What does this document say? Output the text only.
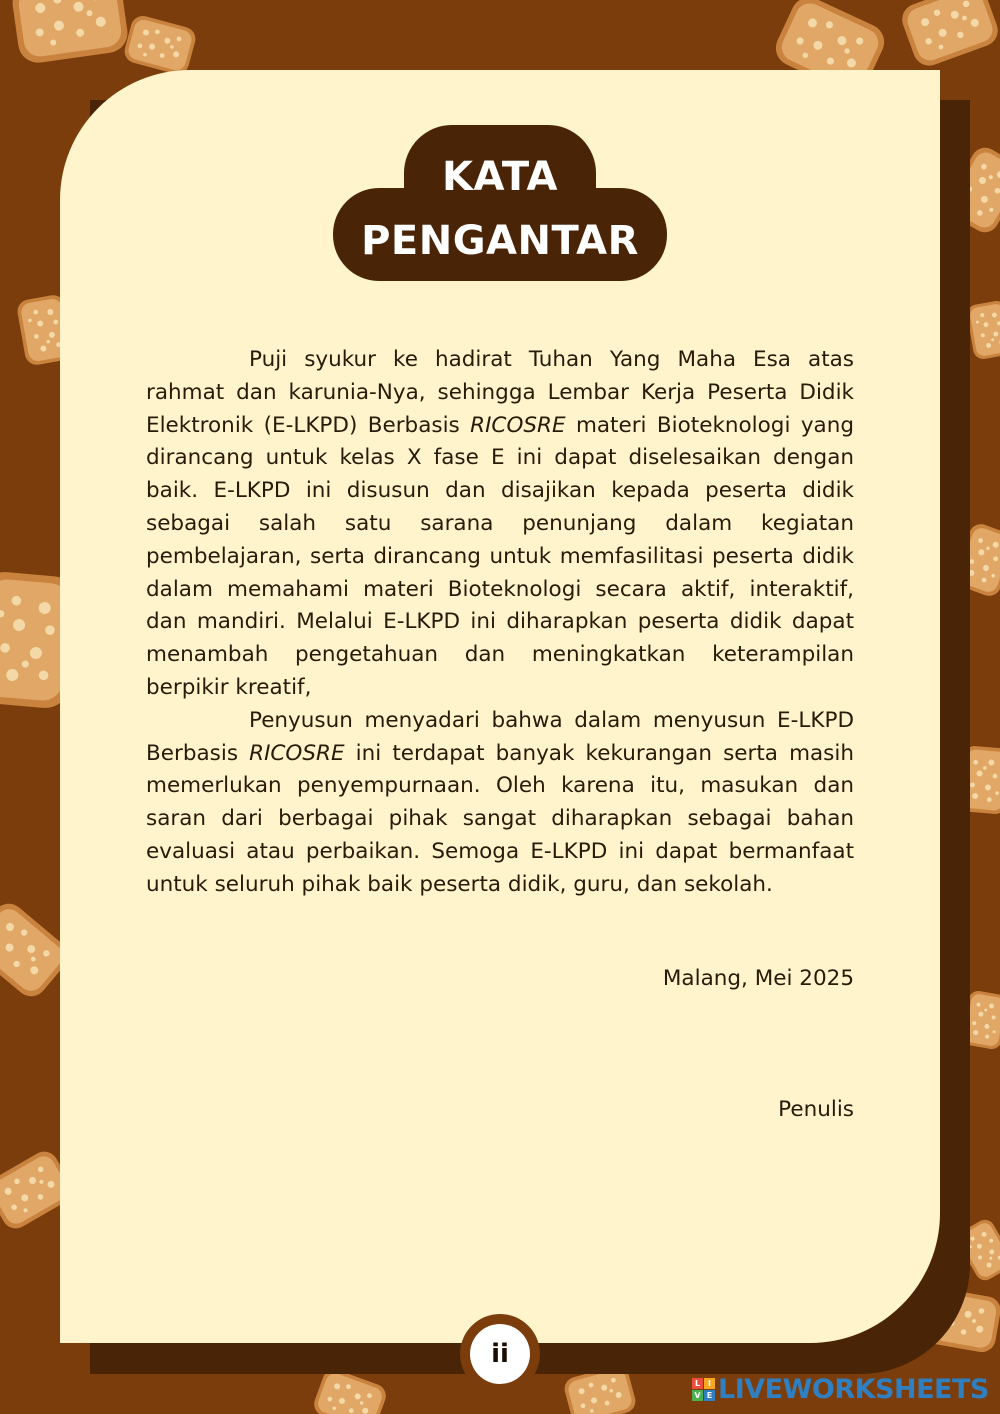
KATA
PENGANTAR

Puji syukur ke hadirat Tuhan Yang Maha Esa atas rahmat dan karunia-Nya, sehingga Lembar Kerja Peserta Didik Elektronik (E-LKPD) Berbasis RICOSRE materi Bioteknologi yang dirancang untuk kelas X fase E ini dapat diselesaikan dengan baik. E-LKPD ini disusun dan disajikan kepada peserta didik sebagai salah satu sarana penunjang dalam kegiatan pembelajaran, serta dirancang untuk memfasilitasi peserta didik dalam memahami materi Bioteknologi secara aktif, interaktif, dan mandiri. Melalui E-LKPD ini diharapkan peserta didik dapat menambah pengetahuan dan meningkatkan keterampilan berpikir kreatif,

Penyusun menyadari bahwa dalam menyusun E-LKPD Berbasis RICOSRE ini terdapat banyak kekurangan serta masih memerlukan penyempurnaan. Oleh karena itu, masukan dan saran dari berbagai pihak sangat diharapkan sebagai bahan evaluasi atau perbaikan. Semoga E-LKPD ini dapat bermanfaat untuk seluruh pihak baik peserta didik, guru, dan sekolah.

Malang, Mei 2025
Penulis
ii
L I
V E LIVEWORKSHEETS
